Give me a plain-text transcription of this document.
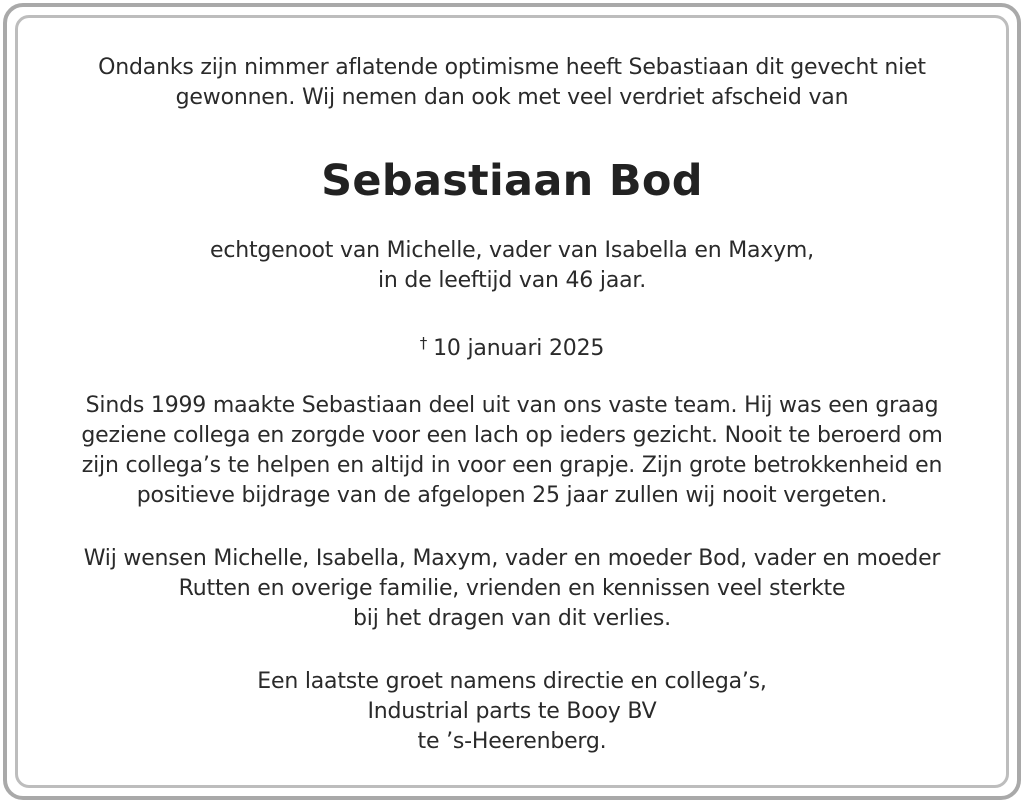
Ondanks zijn nimmer aflatende optimisme heeft Sebastiaan dit gevecht niet
gewonnen. Wij nemen dan ook met veel verdriet afscheid van
Sebastiaan Bod
echtgenoot van Michelle, vader van Isabella en Maxym,
in de leeftijd van 46 jaar.
† 10 januari 2025
Sinds 1999 maakte Sebastiaan deel uit van ons vaste team. Hij was een graag
geziene collega en zorgde voor een lach op ieders gezicht. Nooit te beroerd om
zijn collega’s te helpen en altijd in voor een grapje. Zijn grote betrokkenheid en
positieve bijdrage van de afgelopen 25 jaar zullen wij nooit vergeten.
Wij wensen Michelle, Isabella, Maxym, vader en moeder Bod, vader en moeder
Rutten en overige familie, vrienden en kennissen veel sterkte
bij het dragen van dit verlies.
Een laatste groet namens directie en collega’s,
Industrial parts te Booy BV
te ’s-Heerenberg.
